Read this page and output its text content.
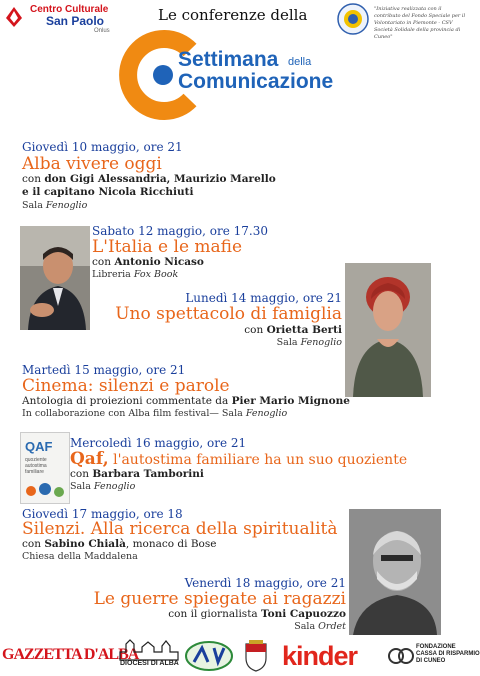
Centro Culturale
San Paolo
Onlus
Le conferenze della	"Iniziativa realizzata con il contributo del Fondo Speciale per il Volontariato in Piemonte - CSV Società Solidale della provincia di Cuneo"
Settimana della
Comunicazione
Giovedì 10 maggio, ore 21
Alba vivere oggi
con don Gigi Alessandria, Maurizio Marello
e il capitano Nicola Ricchiuti
Sala Fenoglio
Sabato 12 maggio, ore 17.30
L'Italia e le mafie
con Antonio Nicaso
Libreria Fox Book
Lunedì 14 maggio, ore 21
Uno spettacolo di famiglia
con Orietta Berti
Sala Fenoglio
Martedì 15 maggio, ore 21
Cinema: silenzi e parole
Antologia di proiezioni commentate da Pier Mario Mignone
In collaborazione con Alba film festival— Sala Fenoglio
QAF
quoziente
autostima
familiare
Mercoledì 16 maggio, ore 21
Qaf, l'autostima familiare ha un suo quoziente
con Barbara Tamborini
Sala Fenoglio
Giovedì 17 maggio, ore 18
Silenzi. Alla ricerca della spiritualità
con Sabino Chialà, monaco di Bose
Chiesa della Maddalena
Venerdì 18 maggio, ore 21
Le guerre spiegate ai ragazzi
con il giornalista Toni Capuozzo
Sala Ordet
GAZZETTA D'ALBA
DIOCESI DI ALBA	kinder	FONDAZIONE
CASSA DI RISPARMIO
DI CUNEO
